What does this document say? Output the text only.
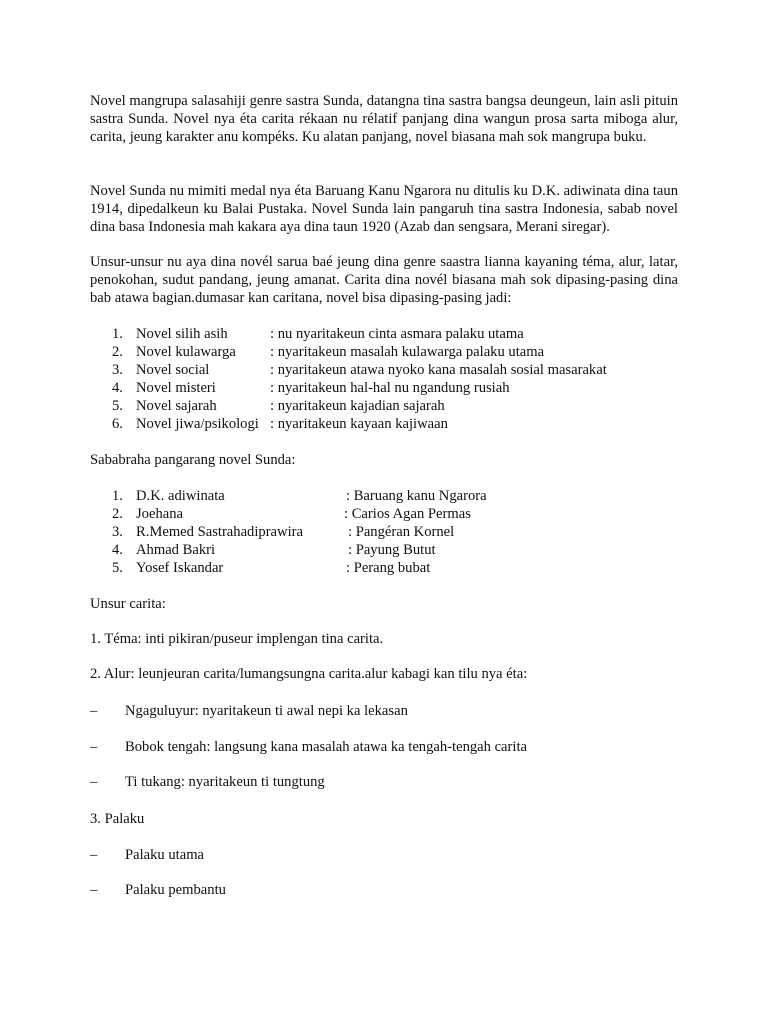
Novel mangrupa salasahiji genre sastra Sunda, datangna tina sastra bangsa deungeun, lain asli pituin sastra Sunda. Novel nya éta carita rékaan nu rélatif panjang dina wangun prosa sarta miboga alur, carita, jeung karakter anu kompéks. Ku alatan panjang, novel biasana mah sok mangrupa buku.

Novel Sunda nu mimiti medal nya éta Baruang Kanu Ngarora nu ditulis ku D.K. adiwinata dina taun 1914, dipedalkeun ku Balai Pustaka. Novel Sunda lain pangaruh tina sastra Indonesia, sabab novel dina basa Indonesia mah kakara aya dina taun 1920 (Azab dan sengsara, Merani siregar).

Unsur-unsur nu aya dina novél sarua baé jeung dina genre saastra lianna kayaning téma, alur, latar, penokohan, sudut pandang, jeung amanat. Carita dina novél biasana mah sok dipasing-pasing dina bab atawa bagian.dumasar kan caritana, novel bisa dipasing-pasing jadi:

1. Novel silih asih	: nu nyaritakeun cinta asmara palaku utama
2. Novel kulawarga : nyaritakeun masalah kulawarga palaku utama
3. Novel social	: nyaritakeun atawa nyoko kana masalah sosial masarakat
4. Novel misteri	: nyaritakeun hal-hal nu ngandung rusiah
5. Novel sajarah	: nyaritakeun kajadian sajarah
6. Novel jiwa/psikologi : nyaritakeun kayaan kajiwaan
Sababraha pangarang novel Sunda:
1. D.K. adiwinata	: Baruang kanu Ngarora
2. Joehana	: Carios Agan Permas
3. R.Memed Sastrahadiprawira	: Pangéran Kornel
4. Ahmad Bakri	: Payung Butut
5. Yosef Iskandar	: Perang bubat
Unsur carita:
1. Téma: inti pikiran/puseur implengan tina carita.
2. Alur: leunjeuran carita/lumangsungna carita.alur kabagi kan tilu nya éta:
– Ngaguluyur: nyaritakeun ti awal nepi ka lekasan
– Bobok tengah: langsung kana masalah atawa ka tengah-tengah carita
– Ti tukang: nyaritakeun ti tungtung
3. Palaku
– Palaku utama
– Palaku pembantu
